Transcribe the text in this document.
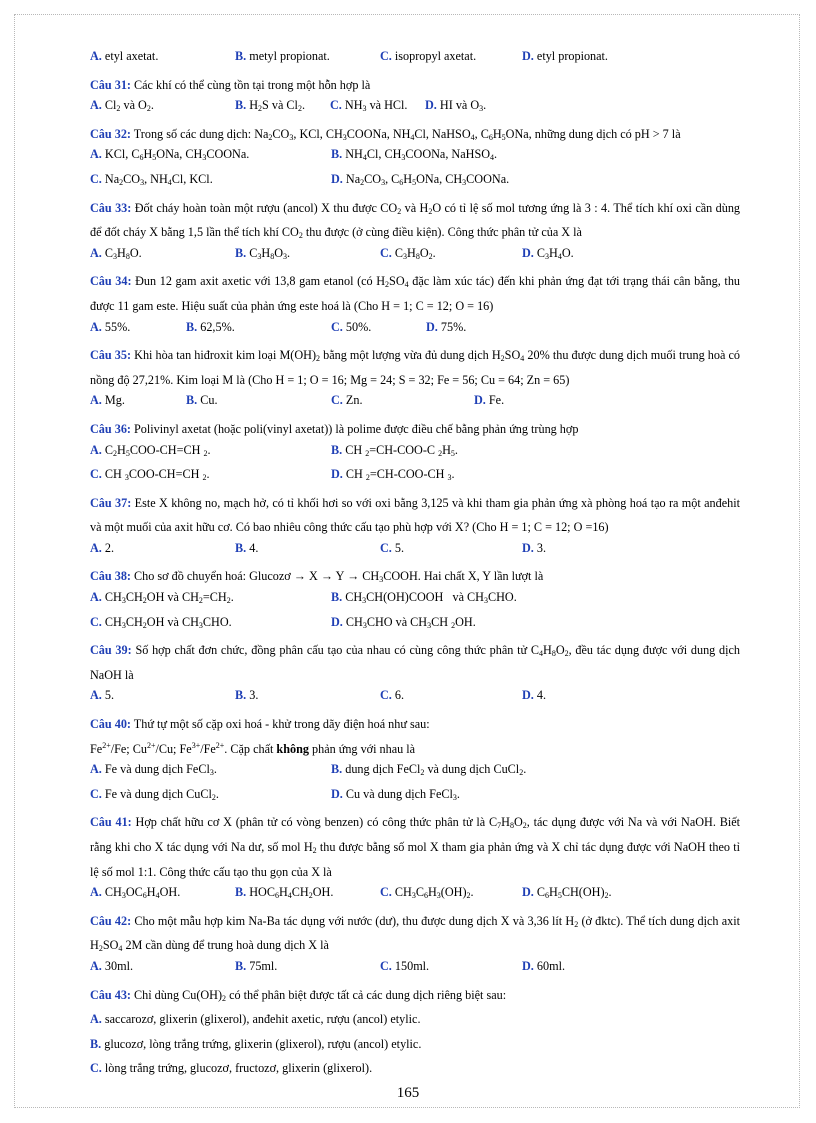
A. etyl axetat.	B. metyl propionat.	C. isopropyl axetat.	D. etyl propionat.
Câu 31: Các khí có thể cùng tồn tại trong một hỗn hợp là
A. $Cl_2$ và $O_2$.	B. $H_2S$ và $Cl_2$. C. $NH_3$ và HCl. D. HI và $O_3$.
Câu 32: Trong số các dung dịch: $Na_2CO_3$, KCl, $CH_3COONa$, $NH_4Cl$, NaHSO$_4$, $C_6H_5ONa$, những dung dịch có pH > 7 là
A. KCl, $C_6H_5ONa$, $CH_3COONa$.	B. $NH_4Cl$, $CH_3COONa$, NaHSO$_4$.
C. $Na_2CO_3$, $NH_4Cl$, KCl.	D. $Na_2CO_3$, $C_6H_5ONa$, $CH_3COONa$.
Câu 33: Đốt cháy hoàn toàn một rượu (ancol) X thu được $CO_2$ và $H_2O$ có tỉ lệ số mol tương ứng là 3 : 4. Thể tích khí oxi cần dùng để đốt cháy X bằng 1,5 lần thể tích khí $CO_2$ thu được (ở cùng điều kiện). Công thức phân tử của X là
A. $C_3H_8O$.	B. $C_3H_8O_3$.	C. $C_3H_8O_2$.	D. $C_3H_4O$.
Câu 34: Đun 12 gam axit axetic với 13,8 gam etanol (có $H_2SO_4$ đặc làm xúc tác) đến khi phản ứng đạt tới trạng thái cân bằng, thu được 11 gam este. Hiệu suất của phản ứng este hoá là (Cho H = 1; C = 12; O = 16)
A. 55%.	B. 62,5%.	C. 50%.	D. 75%.
Câu 35: Khi hòa tan hiđroxit kim loại $M(OH)_2$ bằng một lượng vừa đủ dung dịch $H_2SO_4$ 20% thu được dung dịch muối trung hoà có nồng độ 27,21%. Kim loại M là (Cho H = 1; O = 16; Mg = 24; S = 32; Fe = 56; Cu = 64; Zn = 65)
A. Mg.	B. Cu.	C. Zn.	D. Fe.
Câu 36: Polivinyl axetat (hoặc poli(vinyl axetat)) là polime được điều chế bằng phản ứng trùng hợp
A. $C_2H_5COO-CH=CH$ $_2$.	B. CH $_2$=CH-COO-C $_2H_5$.
C. CH $_3$COO-CH=CH $_2$.	D. CH $_2$=CH-COO-CH $_3$.
Câu 37: Este X không no, mạch hở, có tỉ khối hơi so với oxi bằng 3,125 và khi tham gia phản ứng xà phòng hoá tạo ra một anđehit và một muối của axit hữu cơ. Có bao nhiêu công thức cấu tạo phù hợp với X? (Cho H = 1; C = 12; O =16)
A. 2.	B. 4.	C. 5.	D. 3.
Câu 38: Cho sơ đồ chuyển hoá: Glucozơ → $X \to Y \to CH_3COOH$. Hai chất X, Y lần lượt là
A. $CH_3CH_2OH$ và $CH_2=CH_2$.	B. $CH_3CH(OH)COOH$   và $CH_3CHO$.
C. $CH_3CH_2OH$ và $CH_3CHO$.	D. $CH_3CHO$ và $CH_3CH$ $_2$OH.
Câu 39: Số hợp chất đơn chức, đồng phân cấu tạo của nhau có cùng công thức phân tử $C_4H_8O_2$, đều tác dụng được với dung dịch NaOH là
A. 5.	B. 3.	C. 6.	D. 4.
Câu 40: Thứ tự một số cặp oxi hoá - khử trong dãy điện hoá như sau:
$Fe^{2+}/Fe$; $Cu^{2+}/Cu$; $Fe^{3+}/Fe^{2+}$. Cặp chất không phản ứng với nhau là
A. Fe và dung dịch FeCl$_3$.	B. dung dịch FeCl$_2$ và dung dịch CuCl$_2$.
C. Fe và dung dịch CuCl$_2$.	D. Cu và dung dịch FeCl$_3$.
Câu 41: Hợp chất hữu cơ X (phân tử có vòng benzen) có công thức phân tử là $C_7H_8O_2$, tác dụng được với Na và với NaOH. Biết rằng khi cho X tác dụng với Na dư, số mol $H_2$ thu được bằng số mol X tham gia phản ứng và X chỉ tác dụng được với NaOH theo tỉ lệ số mol 1:1. Công thức cấu tạo thu gọn của X là
A. $CH_3OC_6H_4OH$.	B. $HOC_6H_4CH_2OH$.	C. $CH_3C_6H_3(OH)_2$.	D. $C_6H_5CH(OH)_2$.
Câu 42: Cho một mẫu hợp kim Na-Ba tác dụng với nước (dư), thu được dung dịch X và 3,36 lít $H_2$ (ở đktc). Thể tích dung dịch axit $H_2SO_4$ 2M cần dùng để trung hoà dung dịch X là
A. 30ml.	B. 75ml.	C. 150ml.	D. 60ml.
Câu 43: Chỉ dùng $Cu(OH)_2$ có thể phân biệt được tất cả các dung dịch riêng biệt sau:
A. saccarozơ, glixerin (glixerol), anđehit axetic, rượu (ancol) etylic.
B. glucozơ, lòng trắng trứng, glixerin (glixerol), rượu (ancol) etylic.
C. lòng trắng trứng, glucozơ, fructozơ, glixerin (glixerol).
165
